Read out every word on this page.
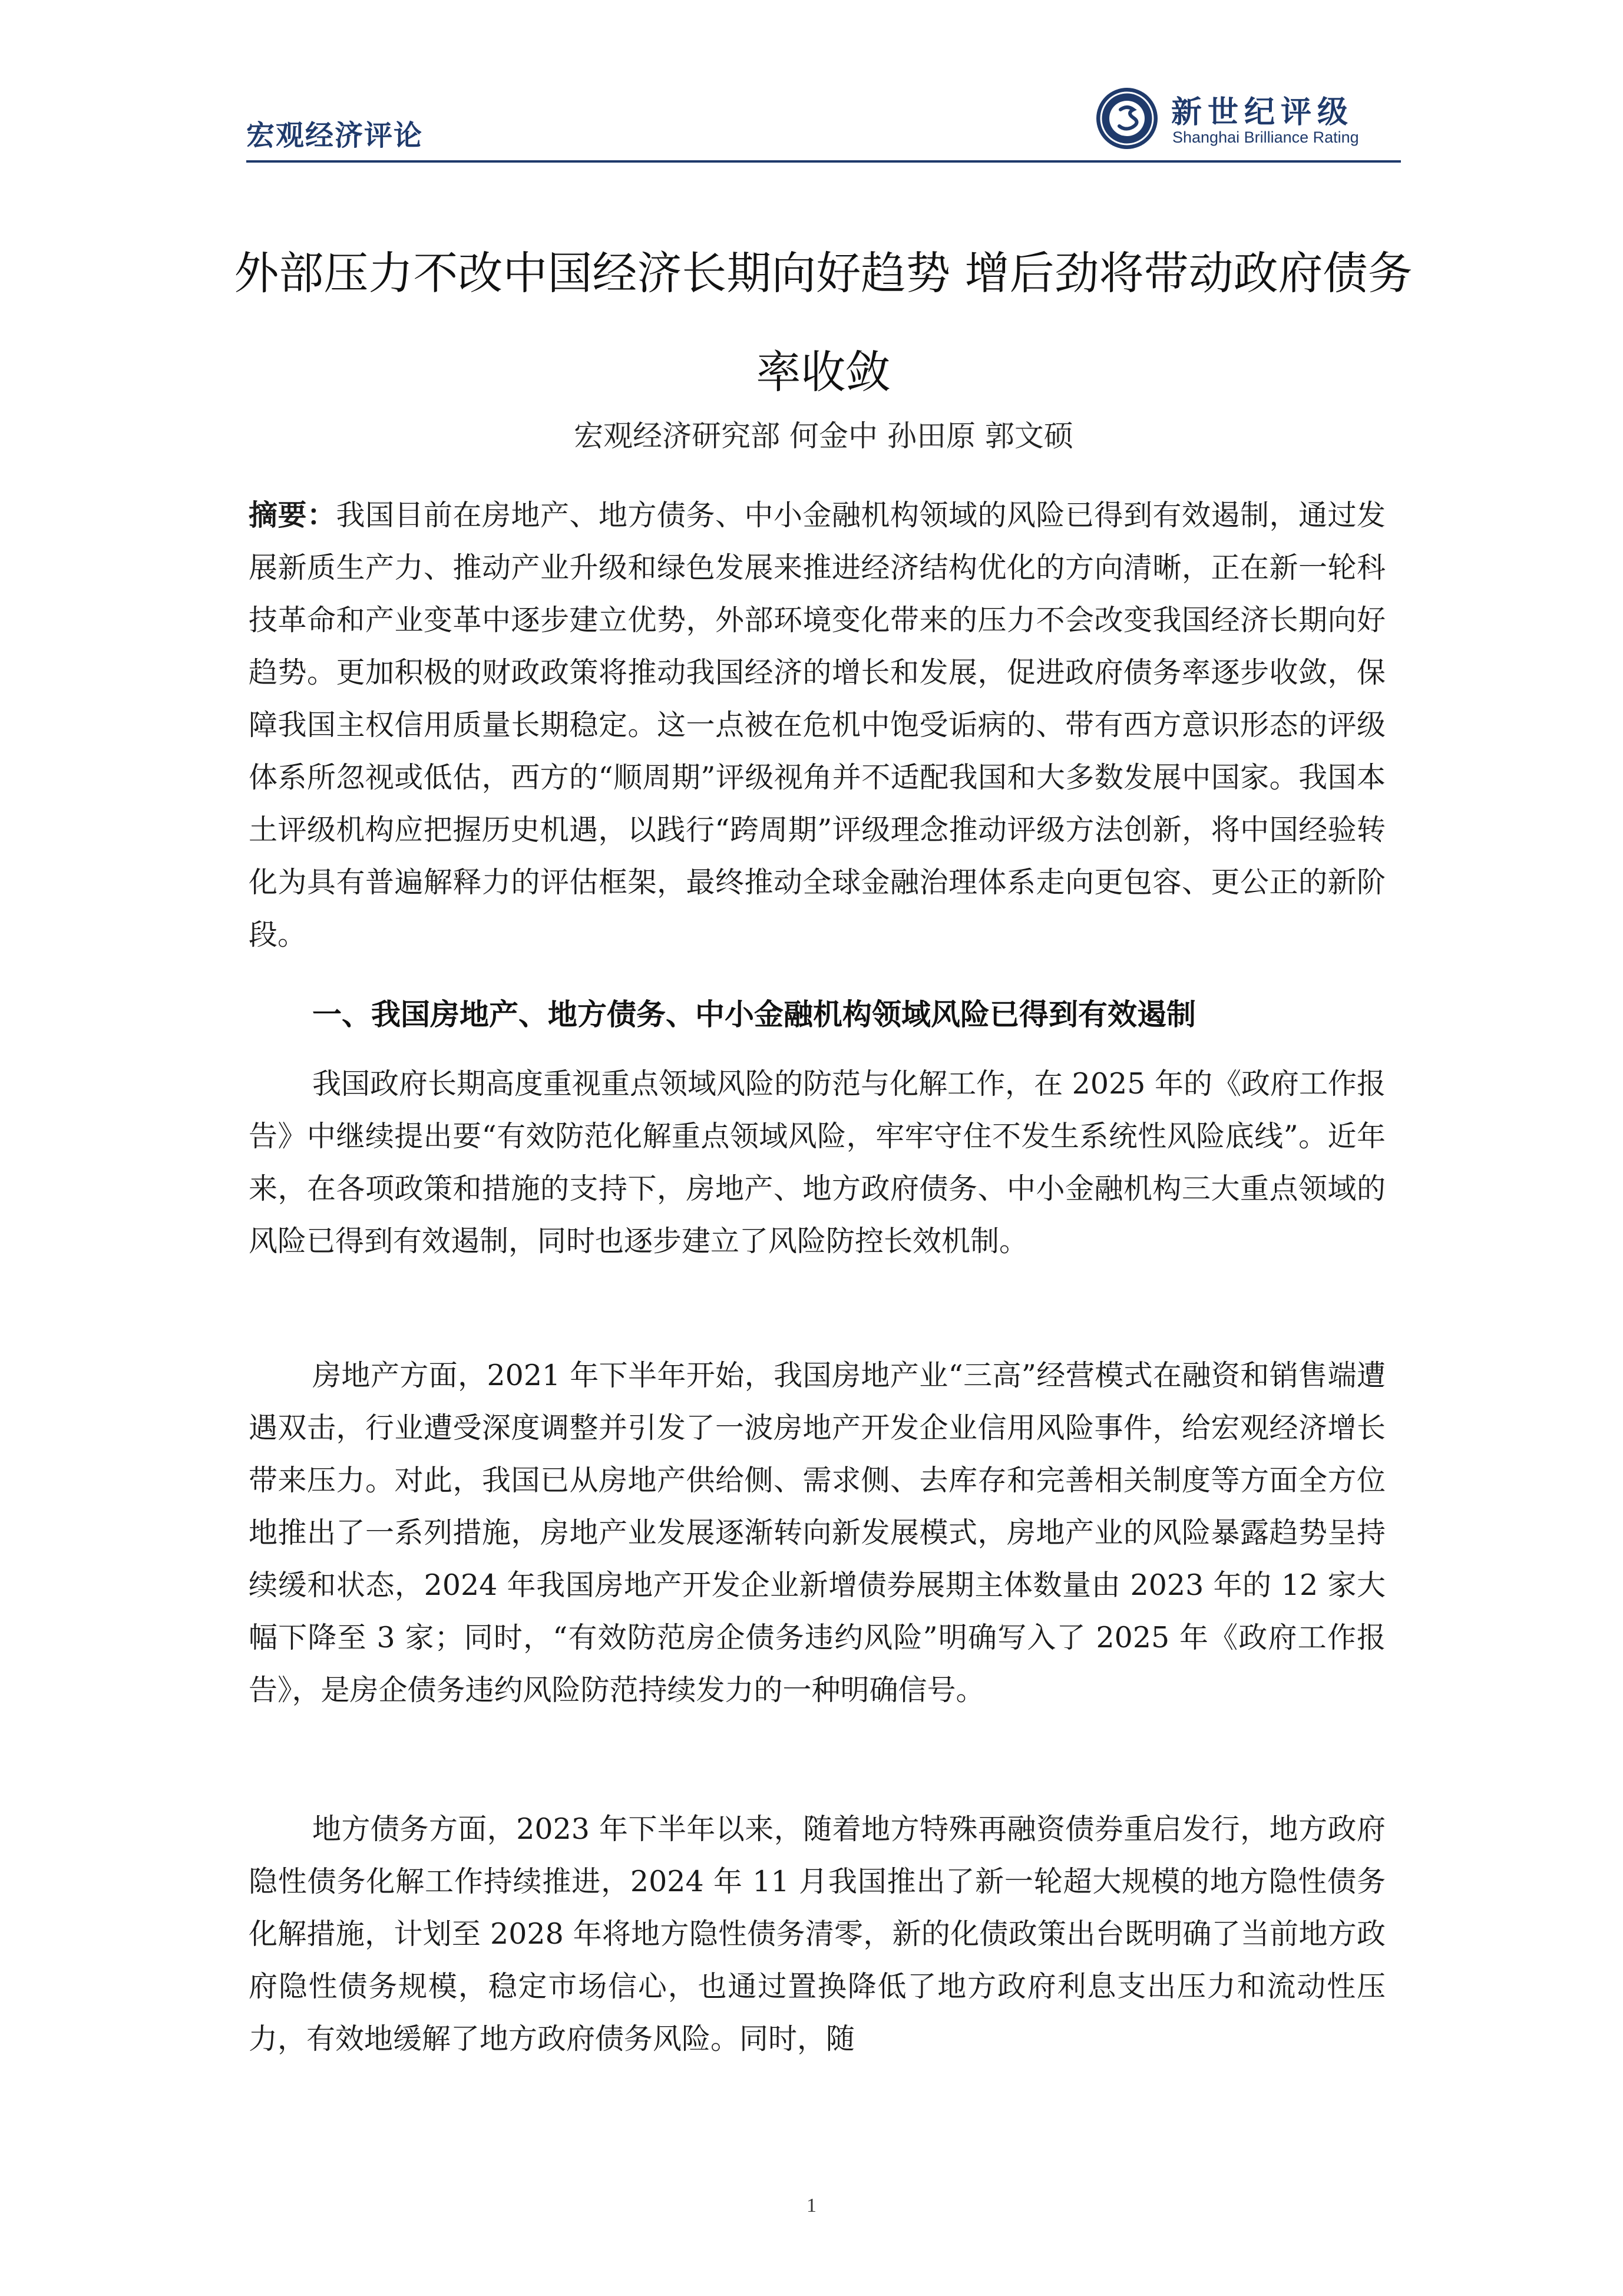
宏观经济评论
新世纪评级
Shanghai Brilliance Rating
外部压力不改中国经济长期向好趋势 增后劲将带动政府债务率收敛
宏观经济研究部 何金中 孙田原 郭文硕
摘要：我国目前在房地产、地方债务、中小金融机构领域的风险已得到有效遏制，通过发展新质生产力、推动产业升级和绿色发展来推进经济结构优化的方向清晰，正在新一轮科技革命和产业变革中逐步建立优势，外部环境变化带来的压力不会改变我国经济长期向好趋势。更加积极的财政政策将推动我国经济的增长和发展，促进政府债务率逐步收敛，保障我国主权信用质量长期稳定。这一点被在危机中饱受诟病的、带有西方意识形态的评级体系所忽视或低估，西方的“顺周期”评级视角并不适配我国和大多数发展中国家。我国本土评级机构应把握历史机遇，以践行“跨周期”评级理念推动评级方法创新，将中国经验转化为具有普遍解释力的评估框架，最终推动全球金融治理体系走向更包容、更公正的新阶段。
一、我国房地产、地方债务、中小金融机构领域风险已得到有效遏制
我国政府长期高度重视重点领域风险的防范与化解工作，在 2025 年的《政府工作报告》中继续提出要“有效防范化解重点领域风险，牢牢守住不发生系统性风险底线”。近年来，在各项政策和措施的支持下，房地产、地方政府债务、中小金融机构三大重点领域的风险已得到有效遏制，同时也逐步建立了风险防控长效机制。
房地产方面，2021 年下半年开始，我国房地产业“三高”经营模式在融资和销售端遭遇双击，行业遭受深度调整并引发了一波房地产开发企业信用风险事件，给宏观经济增长带来压力。对此，我国已从房地产供给侧、需求侧、去库存和完善相关制度等方面全方位地推出了一系列措施，房地产业发展逐渐转向新发展模式，房地产业的风险暴露趋势呈持续缓和状态，2024 年我国房地产开发企业新增债券展期主体数量由 2023 年的 12 家大幅下降至 3 家；同时，“有效防范房企债务违约风险”明确写入了 2025 年《政府工作报告》，是房企债务违约风险防范持续发力的一种明确信号。
地方债务方面，2023 年下半年以来，随着地方特殊再融资债券重启发行，地方政府隐性债务化解工作持续推进，2024 年 11 月我国推出了新一轮超大规模的地方隐性债务化解措施，计划至 2028 年将地方隐性债务清零，新的化债政策出台既明确了当前地方政府隐性债务规模，稳定市场信心，也通过置换降低了地方政府利息支出压力和流动性压力，有效地缓解了地方政府债务风险。同时，随
1
